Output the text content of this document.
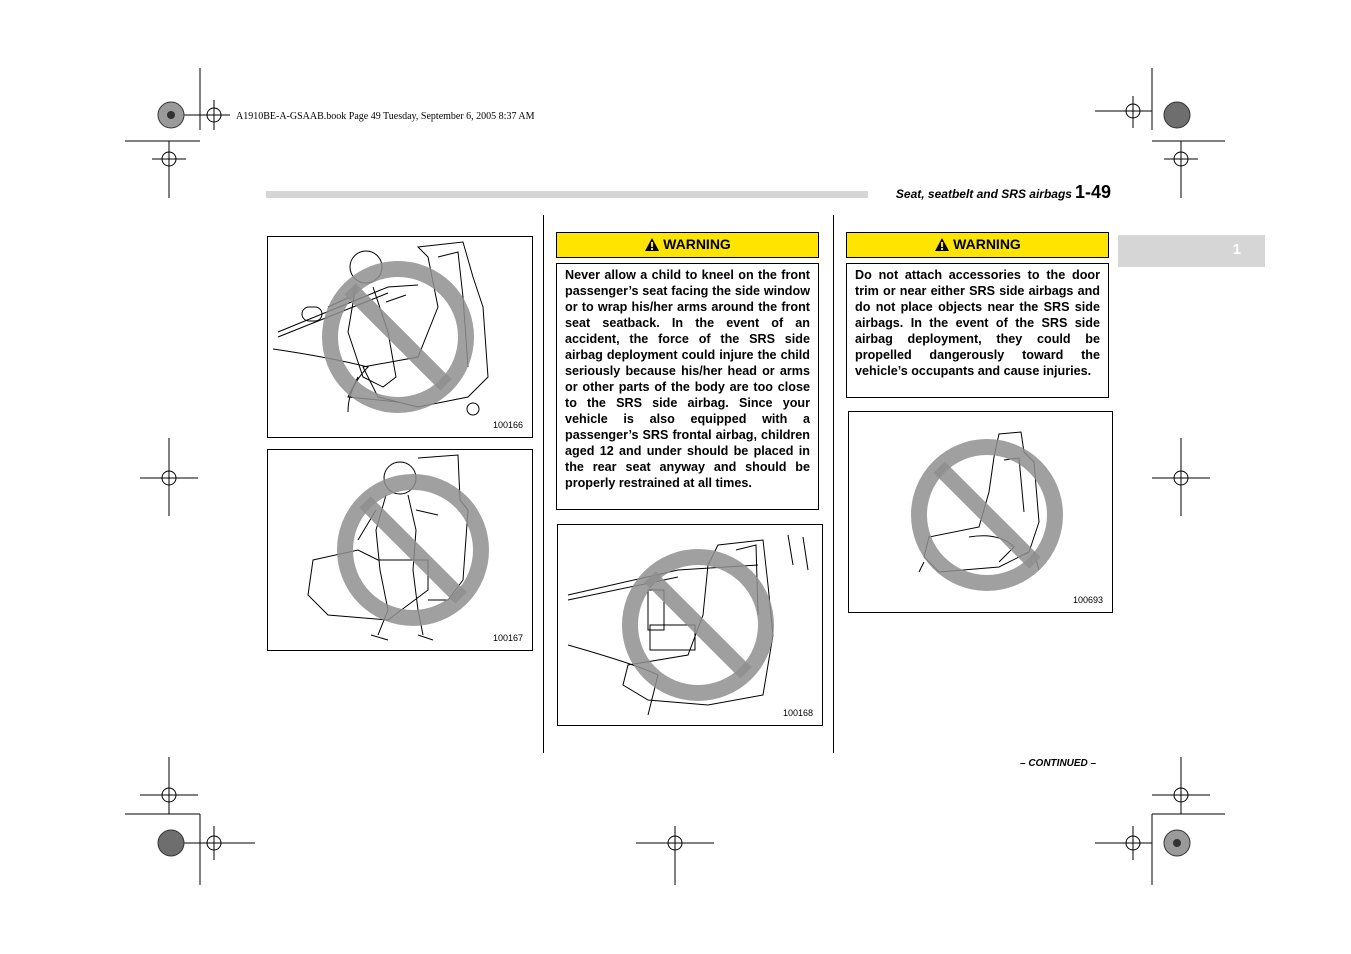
A1910BE-A-GSAAB.book Page 49 Tuesday, September 6, 2005 8:37 AM
Seat, seatbelt and SRS airbags 1-49
1
100166
100167
WARNING
Never allow a child to kneel on the front passenger’s seat facing the side window or to wrap his/her arms around the front seat seatback. In the event of an accident, the force of the SRS side airbag deployment could injure the child seriously because his/her head or arms or other parts of the body are too close to the SRS side airbag. Since your vehicle is also equipped with a passenger’s SRS frontal airbag, children aged 12 and under should be placed in the rear seat anyway and should be properly restrained at all times.
100168
WARNING
Do not attach accessories to the door trim or near either SRS side airbags and do not place objects near the SRS side airbags. In the event of the SRS side airbag deployment, they could be propelled dangerously toward the vehicle’s occupants and cause injuries.
100693
– CONTINUED –
